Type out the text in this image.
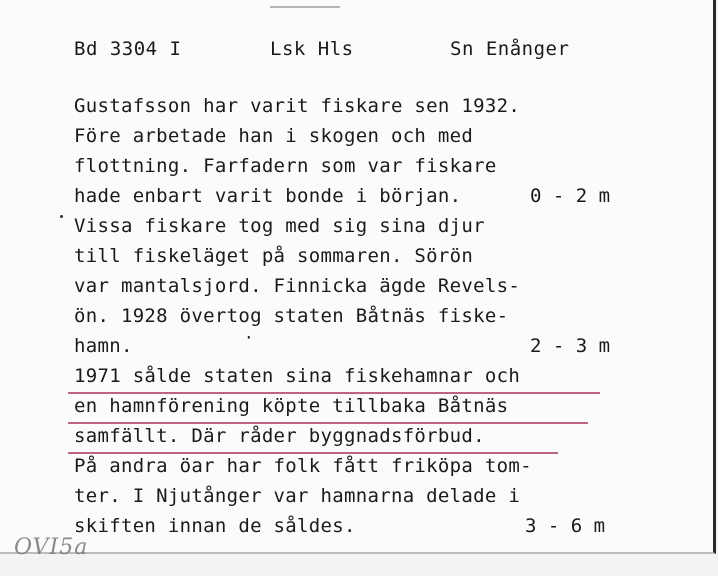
Bd 3304 I	Lsk Hls	Sn Enånger
Gustafsson har varit fiskare sen 1932.
Före arbetade han i skogen och med
flottning. Farfadern som var fiskare
hade enbart varit bonde i början.
Vissa fiskare tog med sig sina djur
till fiskeläget på sommaren. Sörön
var mantalsjord. Finnicka ägde Revels-
ön. 1928 övertog staten Båtnäs fiske-
hamn.
1971 sålde staten sina fiskehamnar och
en hamnförening köpte tillbaka Båtnäs
samfällt. Där råder byggnadsförbud.
På andra öar har folk fått friköpa tom-
ter. I Njutånger var hamnarna delade i
skiften innan de såldes.
0 - 2 m
2 - 3 m
3 - 6 m
·
OVI5a
